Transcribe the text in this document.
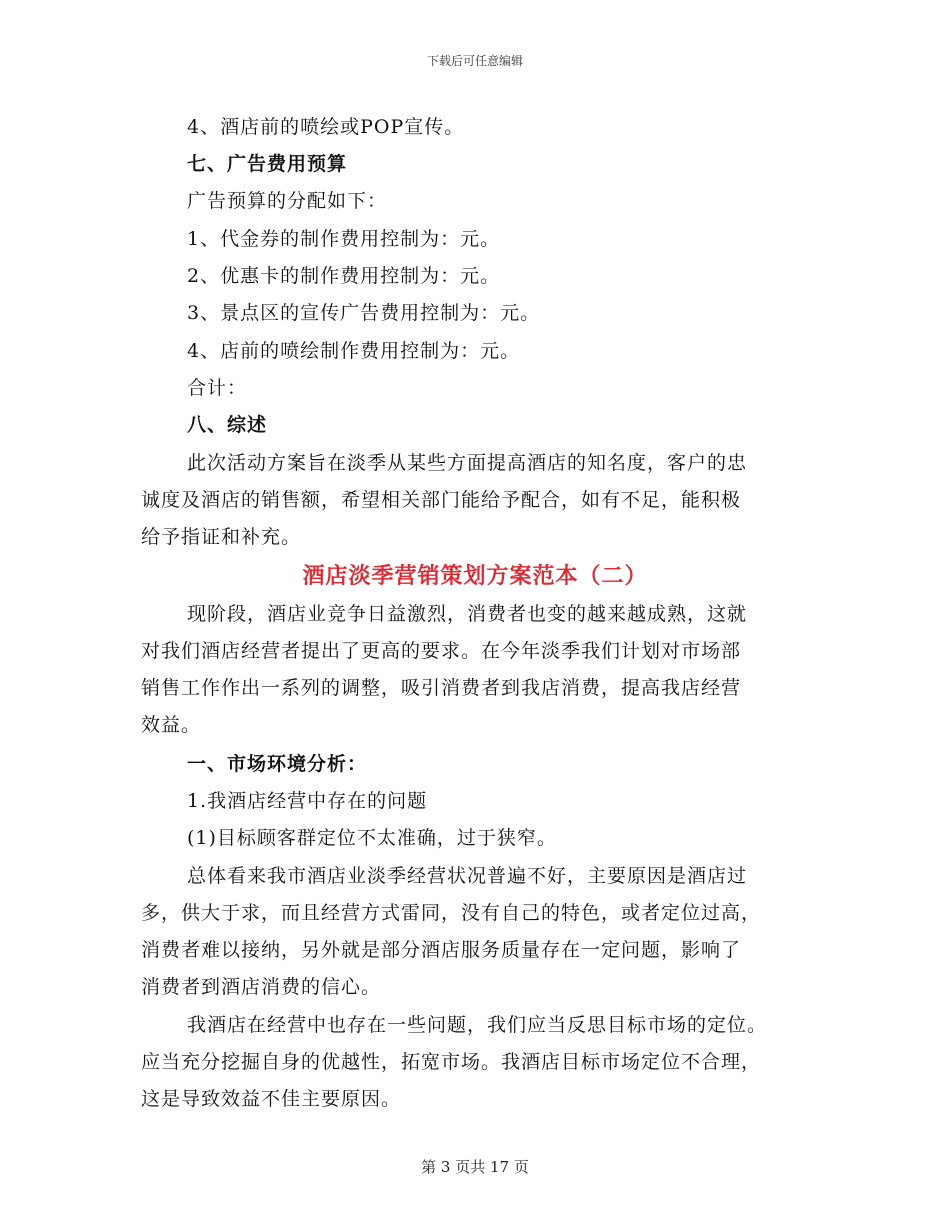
下载后可任意编辑
4、酒店前的喷绘或POP宣传。
七、广告费用预算
广告预算的分配如下：
1、代金券的制作费用控制为：元。
2、优惠卡的制作费用控制为：元。
3、景点区的宣传广告费用控制为：元。
4、店前的喷绘制作费用控制为：元。
合计：
八、综述
此次活动方案旨在淡季从某些方面提高酒店的知名度，客户的忠
诚度及酒店的销售额，希望相关部门能给予配合，如有不足，能积极
给予指证和补充。
酒店淡季营销策划方案范本（二）
现阶段，酒店业竞争日益激烈，消费者也变的越来越成熟，这就
对我们酒店经营者提出了更高的要求。在今年淡季我们计划对市场部
销售工作作出一系列的调整，吸引消费者到我店消费，提高我店经营
效益。
一、市场环境分析：
1.我酒店经营中存在的问题
(1)目标顾客群定位不太准确，过于狭窄。
总体看来我市酒店业淡季经营状况普遍不好，主要原因是酒店过
多，供大于求，而且经营方式雷同，没有自己的特色，或者定位过高，
消费者难以接纳，另外就是部分酒店服务质量存在一定问题，影响了
消费者到酒店消费的信心。
我酒店在经营中也存在一些问题，我们应当反思目标市场的定位。
应当充分挖掘自身的优越性，拓宽市场。我酒店目标市场定位不合理，
这是导致效益不佳主要原因。
第 3 页共 17 页
